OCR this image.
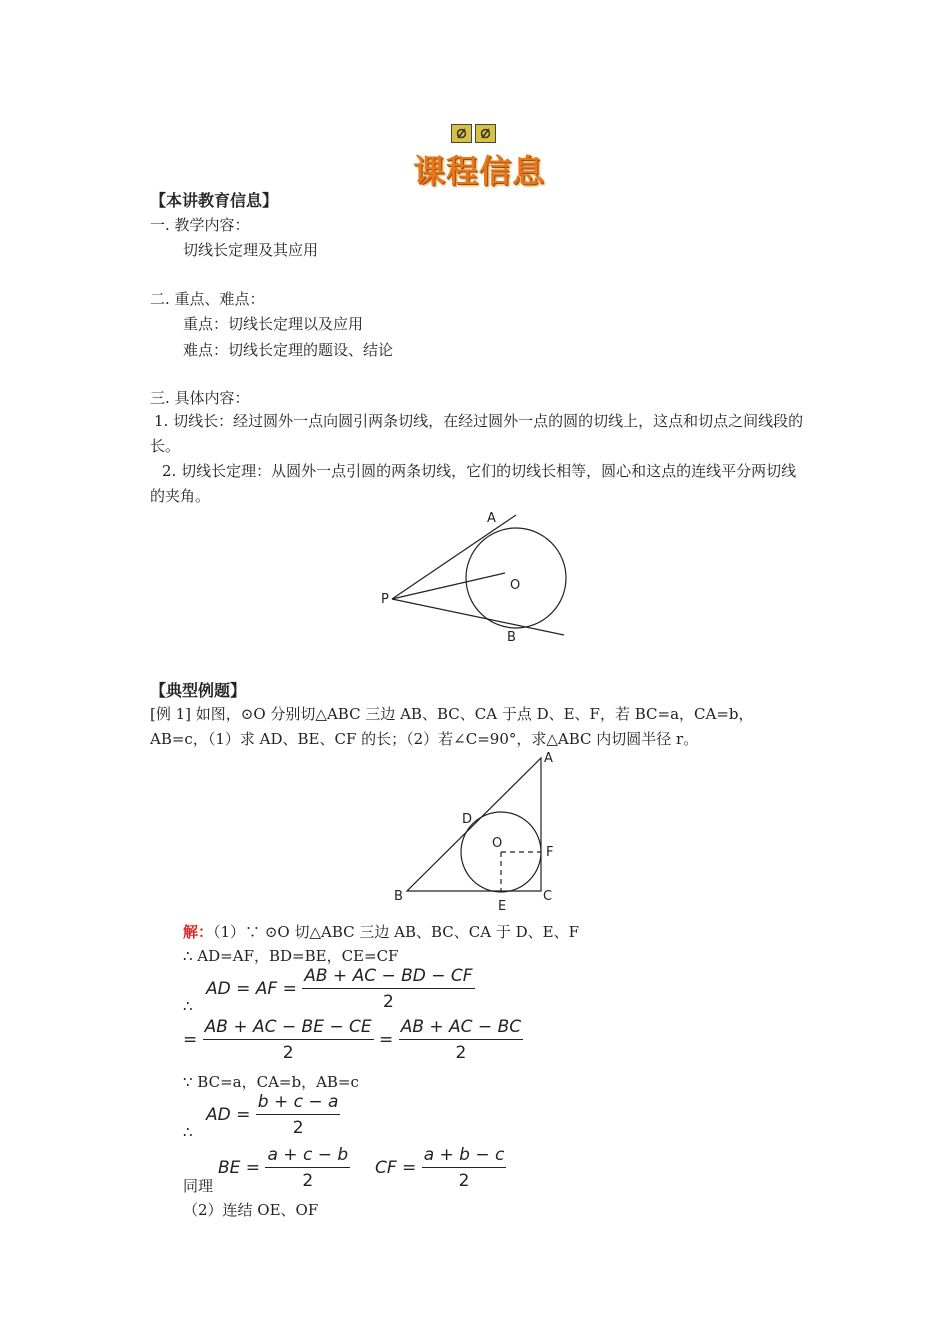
课程信息
【本讲教育信息】
一. 教学内容：
切线长定理及其应用
二. 重点、难点：
重点：切线长定理以及应用
难点：切线长定理的题设、结论
三. 具体内容：
1. 切线长：经过圆外一点向圆引两条切线，在经过圆外一点的圆的切线上，这点和切点之间线段的长。
2. 切线长定理：从圆外一点引圆的两条切线，它们的切线长相等，圆心和这点的连线平分两切线的夹角。
A
O
P
B
【典型例题】
[例 1] 如图，⊙O 分别切△ABC 三边 AB、BC、CA 于点 D、E、F，若 BC=a，CA=b，AB=c，（1）求 AD、BE、CF 的长；（2）若∠C=90°，求△ABC 内切圆半径 r。
A
D
O
F
B
E
C
解：（1）∵ ⊙O 切△ABC 三边 AB、BC、CA 于 D、E、F
∴ AD=AF，BD=BE，CE=CF
AD = AF = $\frac{AB + AC - BD - CF}{2}$
∴
= $\frac{AB + AC - BE - CE}{2} = \frac{AB + AC - BC}{2}$
∵ BC=a，CA=b，AB=c
AD = $\frac{b + c - a}{2}$
∴
BE = $\frac{a + c - b}{2}$ CF = $\frac{a + b - c}{2}$
同理
（2）连结 OE、OF
